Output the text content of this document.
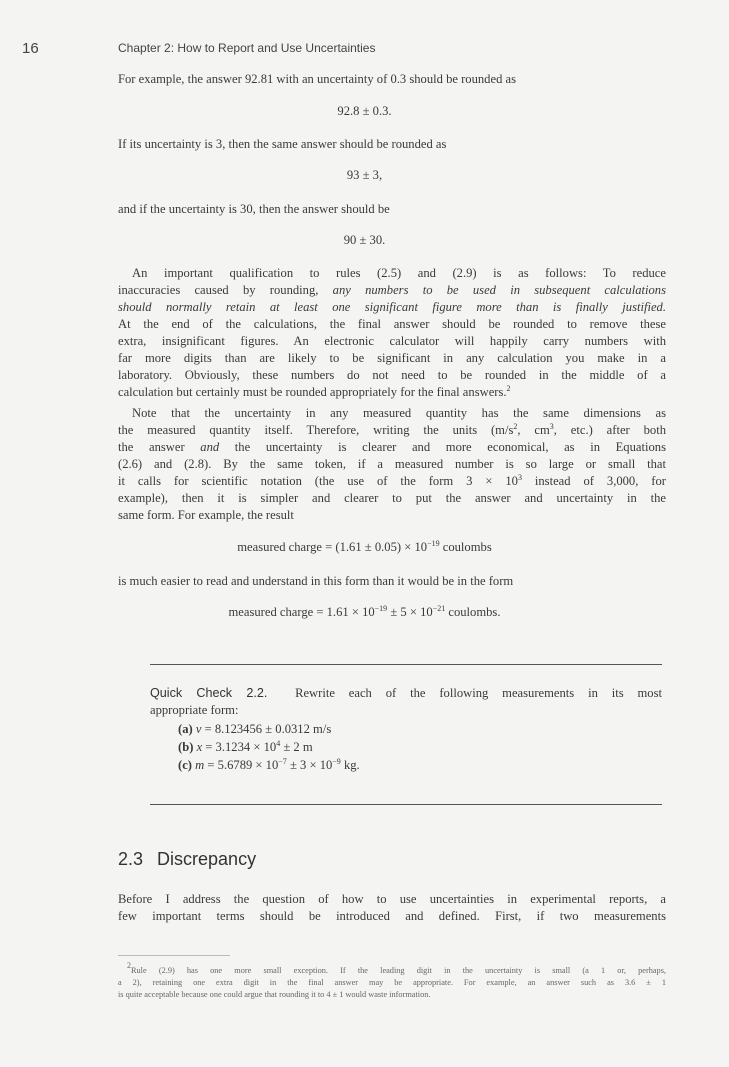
16	Chapter 2: How to Report and Use Uncertainties
For example, the answer 92.81 with an uncertainty of 0.3 should be rounded as
92.8 ± 0.3.
If its uncertainty is 3, then the same answer should be rounded as
93 ± 3,
and if the uncertainty is 30, then the answer should be
90 ± 30.
An important qualification to rules (2.5) and (2.9) is as follows: To reduce
inaccuracies caused by rounding, any numbers to be used in subsequent calculations
should normally retain at least one significant figure more than is finally justified.
At the end of the calculations, the final answer should be rounded to remove these
extra, insignificant figures. An electronic calculator will happily carry numbers with
far more digits than are likely to be significant in any calculation you make in a
laboratory. Obviously, these numbers do not need to be rounded in the middle of a
calculation but certainly must be rounded appropriately for the final answers.$^2$
Note that the uncertainty in any measured quantity has the same dimensions as
the measured quantity itself. Therefore, writing the units ($m/s^2$, $cm^3$, etc.) after both
the answer and the uncertainty is clearer and more economical, as in Equations
(2.6) and (2.8). By the same token, if a measured number is so large or small that
it calls for scientific notation (the use of the form $3 \times 10^3$ instead of 3,000, for
example), then it is simpler and clearer to put the answer and uncertainty in the
same form. For example, the result
measured charge = $(1.61 \pm 0.05) \times 10^{-19}$ coulombs
is much easier to read and understand in this form than it would be in the form
measured charge = $1.61 \times 10^{-19} \pm 5 \times 10^{-21}$ coulombs.
Quick Check 2.2. Rewrite each of the following measurements in its most
appropriate form:
(a) v = 8.123456 ± 0.0312 m/s
(b) $x = 3.1234 \times 10^4 \pm 2$ m
(c) $m = 5.6789 \times 10^{-7} \pm 3 \times 10^{-9}$ kg.
2.3 Discrepancy
Before I address the question of how to use uncertainties in experimental reports, a
few important terms should be introduced and defined. First, if two measurements
$^2$Rule (2.9) has one more small exception. If the leading digit in the uncertainty is small (a 1 or, perhaps,
a 2), retaining one extra digit in the final answer may be appropriate. For example, an answer such as 3.6 ± 1
is quite acceptable because one could argue that rounding it to 4 ± 1 would waste information.
